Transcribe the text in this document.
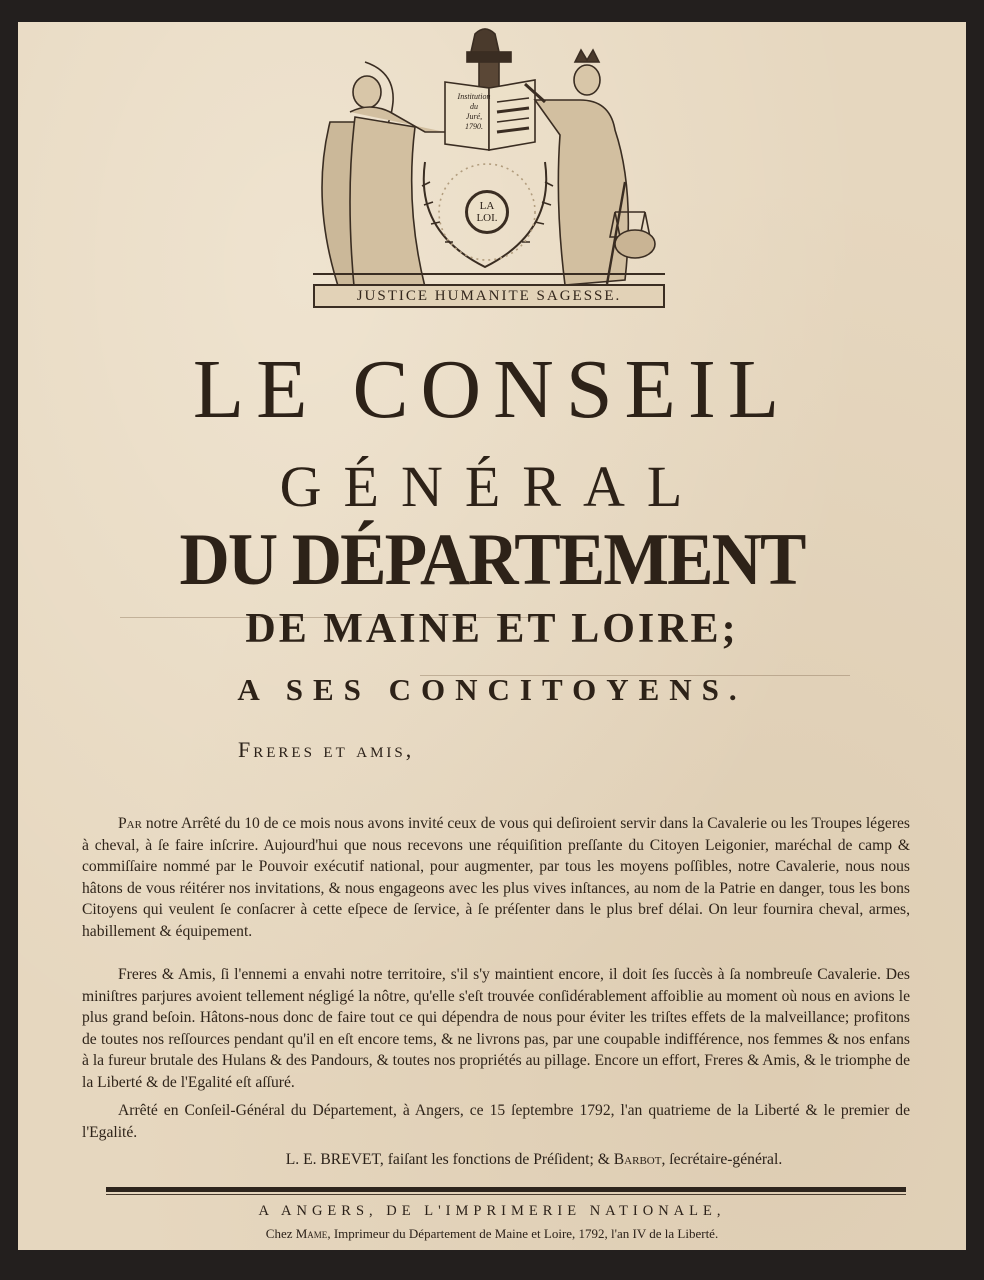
Institution
du
Juré,
1790.
LA
LOI.
JUSTICE HUMANITE SAGESSE.
LE CONSEIL
GÉNÉRAL
DU DÉPARTEMENT
DE MAINE ET LOIRE;
A SES CONCITOYENS.
Freres et amis,
Par notre Arrêté du 10 de ce mois nous avons invité ceux de vous qui deſiroient servir dans la Cavalerie ou les Troupes légeres à cheval, à ſe faire inſcrire. Aujourd'hui que nous recevons une réquiſition preſſante du Citoyen Leigonier, maréchal de camp & commiſſaire nommé par le Pouvoir exécutif national, pour augmenter, par tous les moyens poſſibles, notre Cavalerie, nous nous hâtons de vous réitérer nos invitations, & nous engageons avec les plus vives inſtances, au nom de la Patrie en danger, tous les bons Citoyens qui veulent ſe conſacrer à cette eſpece de ſervice, à ſe préſenter dans le plus bref délai. On leur fournira cheval, armes, habillement & équipement.
Freres & Amis, ſi l'ennemi a envahi notre territoire, s'il s'y maintient encore, il doit ſes ſuccès à ſa nombreuſe Cavalerie. Des miniſtres parjures avoient tellement négligé la nôtre, qu'elle s'eſt trouvée conſidérablement affoiblie au moment où nous en avions le plus grand beſoin. Hâtons-nous donc de faire tout ce qui dépendra de nous pour éviter les triſtes effets de la malveillance; profitons de toutes nos reſſources pendant qu'il en eſt encore tems, & ne livrons pas, par une coupable indifférence, nos femmes & nos enfans à la fureur brutale des Hulans & des Pandours, & toutes nos propriétés au pillage. Encore un effort, Freres & Amis, & le triomphe de la Liberté & de l'Egalité eſt aſſuré.
Arrêté en Conſeil-Général du Département, à Angers, ce 15 ſeptembre 1792, l'an quatrieme de la Liberté & le premier de l'Egalité.
L. E. BREVET, faiſant les fonctions de Préſident; & Barbot, ſecrétaire-général.
A ANGERS, DE L'IMPRIMERIE NATIONALE,
Chez Mame, Imprimeur du Département de Maine et Loire, 1792, l'an IV de la Liberté.
